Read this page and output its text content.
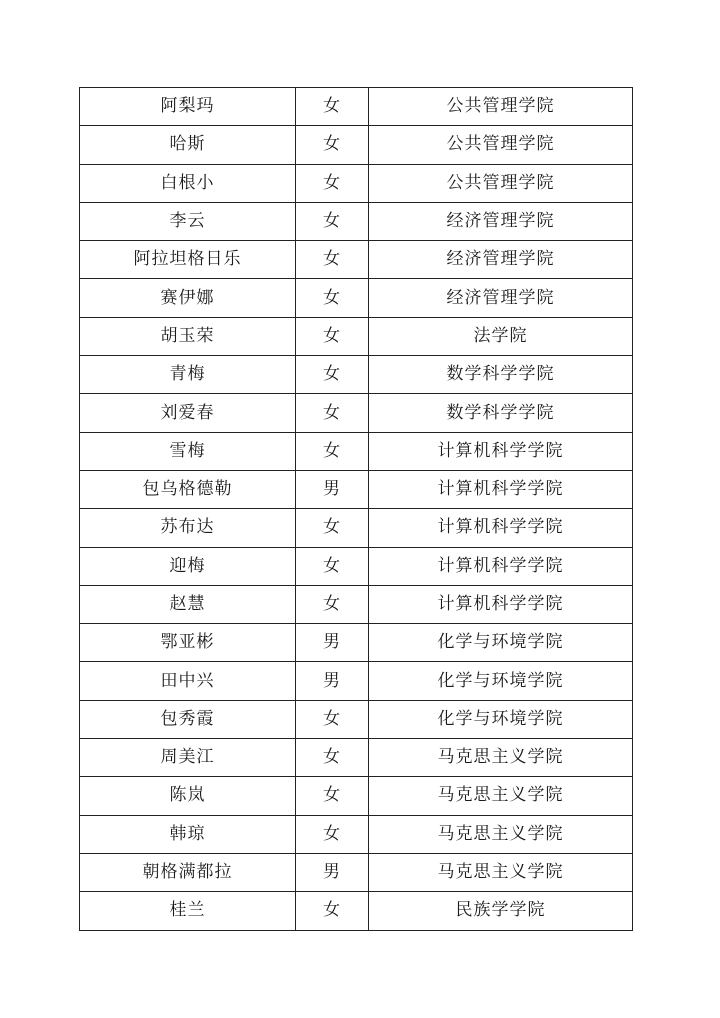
阿梨玛	女	公共管理学院
哈斯	女	公共管理学院
白根小	女	公共管理学院
李云	女	经济管理学院
阿拉坦格日乐	女	经济管理学院
赛伊娜	女	经济管理学院
胡玉荣	女	法学院
青梅	女	数学科学学院
刘爱春	女	数学科学学院
雪梅	女	计算机科学学院
包乌格德勒	男	计算机科学学院
苏布达	女	计算机科学学院
迎梅	女	计算机科学学院
赵慧	女	计算机科学学院
鄂亚彬	男	化学与环境学院
田中兴	男	化学与环境学院
包秀霞	女	化学与环境学院
周美江	女	马克思主义学院
陈岚	女	马克思主义学院
韩琼	女	马克思主义学院
朝格满都拉	男	马克思主义学院
桂兰	女	民族学学院
